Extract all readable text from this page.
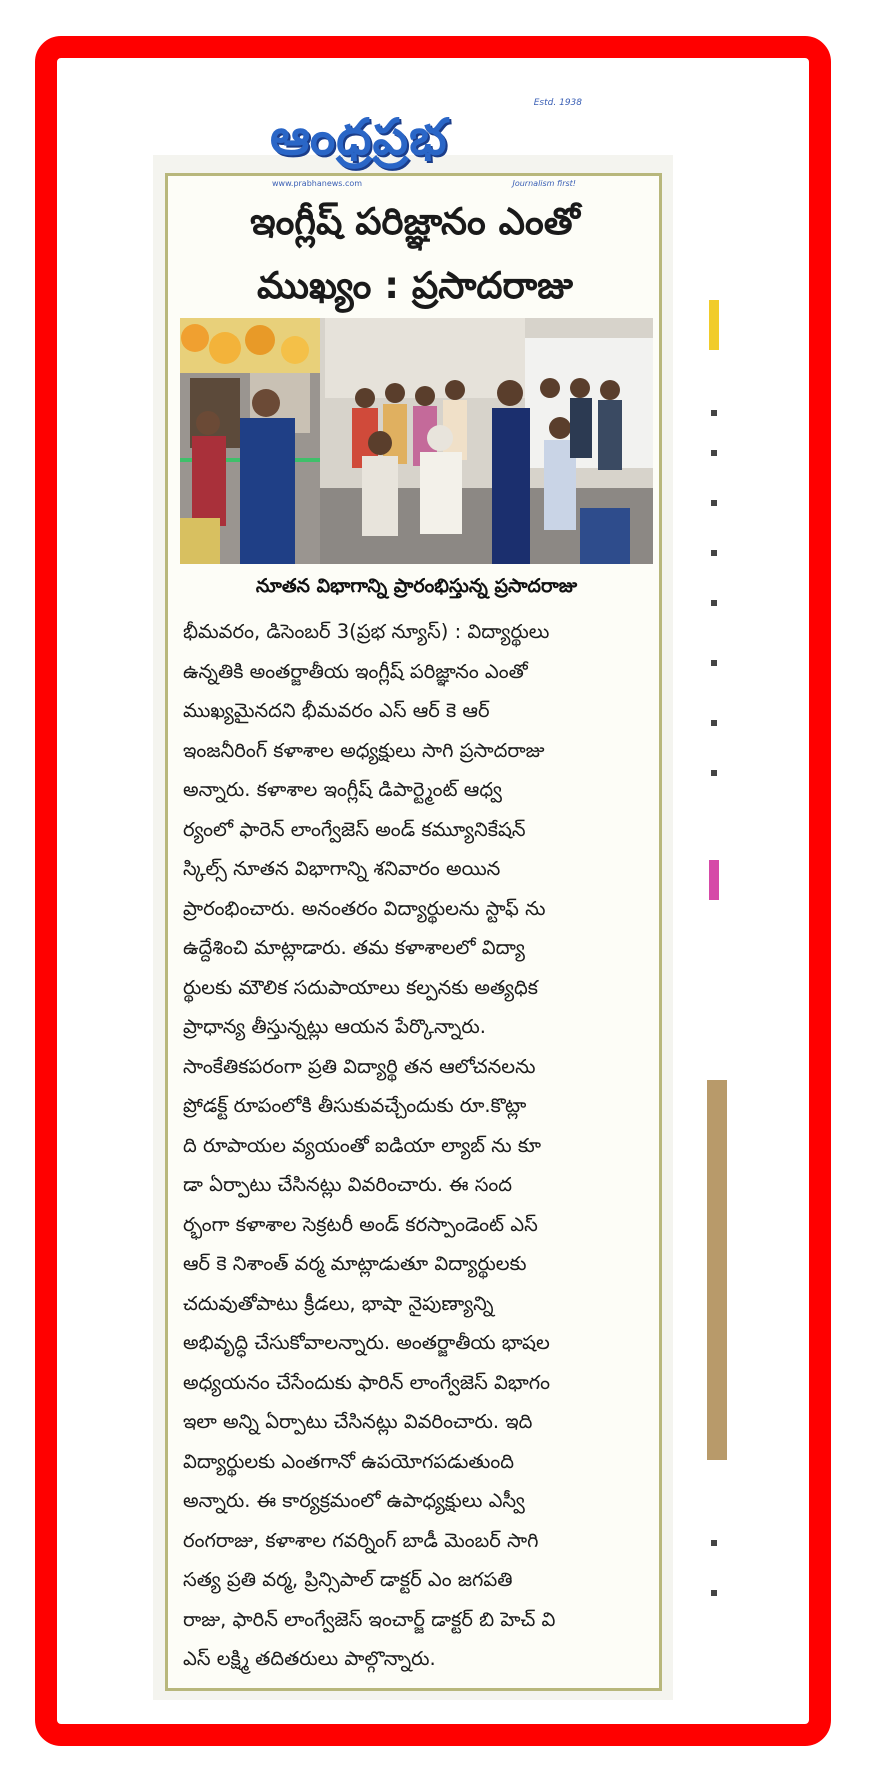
Estd. 1938
ఆంధ్రప్రభ
www.prabhanews.com	Journalism first!
ఇంగ్లీష్ పరిజ్ఞానం ఎంతో
ముఖ్యం : ప్రసాదరాజు
నూతన విభాగాన్ని ప్రారంభిస్తున్న ప్రసాదరాజు
భీమవరం, డిసెంబర్ 3(ప్రభ న్యూస్) : విద్యార్థులు
ఉన్నతికి అంతర్జాతీయ ఇంగ్లీష్ పరిజ్ఞానం ఎంతో
ముఖ్యమైనదని భీమవరం ఎస్ ఆర్ కె ఆర్
ఇంజనీరింగ్ కళాశాల అధ్యక్షులు సాగి ప్రసాదరాజు
అన్నారు. కళాశాల ఇంగ్లీష్ డిపార్ట్మెంట్ ఆధ్వ
ర్యంలో ఫారెన్ లాంగ్వేజెస్ అండ్ కమ్యూనికేషన్
స్కిల్స్ నూతన విభాగాన్ని శనివారం అయిన
ప్రారంభించారు. అనంతరం విద్యార్థులను స్టాఫ్ ను
ఉద్దేశించి మాట్లాడారు. తమ కళాశాలలో విద్యా
ర్థులకు మౌలిక సదుపాయాలు కల్పనకు అత్యధిక
ప్రాధాన్య తీస్తున్నట్లు ఆయన పేర్కొన్నారు.
సాంకేతికపరంగా ప్రతి విద్యార్థి తన ఆలోచనలను
ప్రోడక్ట్ రూపంలోకి తీసుకువచ్చేందుకు రూ.కొట్లా
ది రూపాయల వ్యయంతో ఐడియా ల్యాబ్ ను కూ
డా ఏర్పాటు చేసినట్లు వివరించారు. ఈ సంద
ర్భంగా కళాశాల సెక్రటరీ అండ్ కరస్పాండెంట్ ఎస్
ఆర్ కె నిశాంత్ వర్మ మాట్లాడుతూ విద్యార్థులకు
చదువుతోపాటు క్రీడలు, భాషా నైపుణ్యాన్ని
అభివృద్ధి చేసుకోవాలన్నారు. అంతర్జాతీయ భాషల
అధ్యయనం చేసేందుకు ఫారిన్ లాంగ్వేజెస్ విభాగం
ఇలా అన్ని ఏర్పాటు చేసినట్లు వివరించారు. ఇది
విద్యార్థులకు ఎంతగానో ఉపయోగపడుతుంది
అన్నారు. ఈ కార్యక్రమంలో ఉపాధ్యక్షులు ఎస్వీ
రంగరాజు, కళాశాల గవర్నింగ్ బాడీ మెంబర్ సాగి
సత్య ప్రతి వర్మ, ప్రిన్సిపాల్ డాక్టర్ ఎం జగపతి
రాజు, ఫారిన్ లాంగ్వేజెస్ ఇంచార్జ్ డాక్టర్ బి హెచ్ వి
ఎస్ లక్ష్మి తదితరులు పాల్గొన్నారు.
